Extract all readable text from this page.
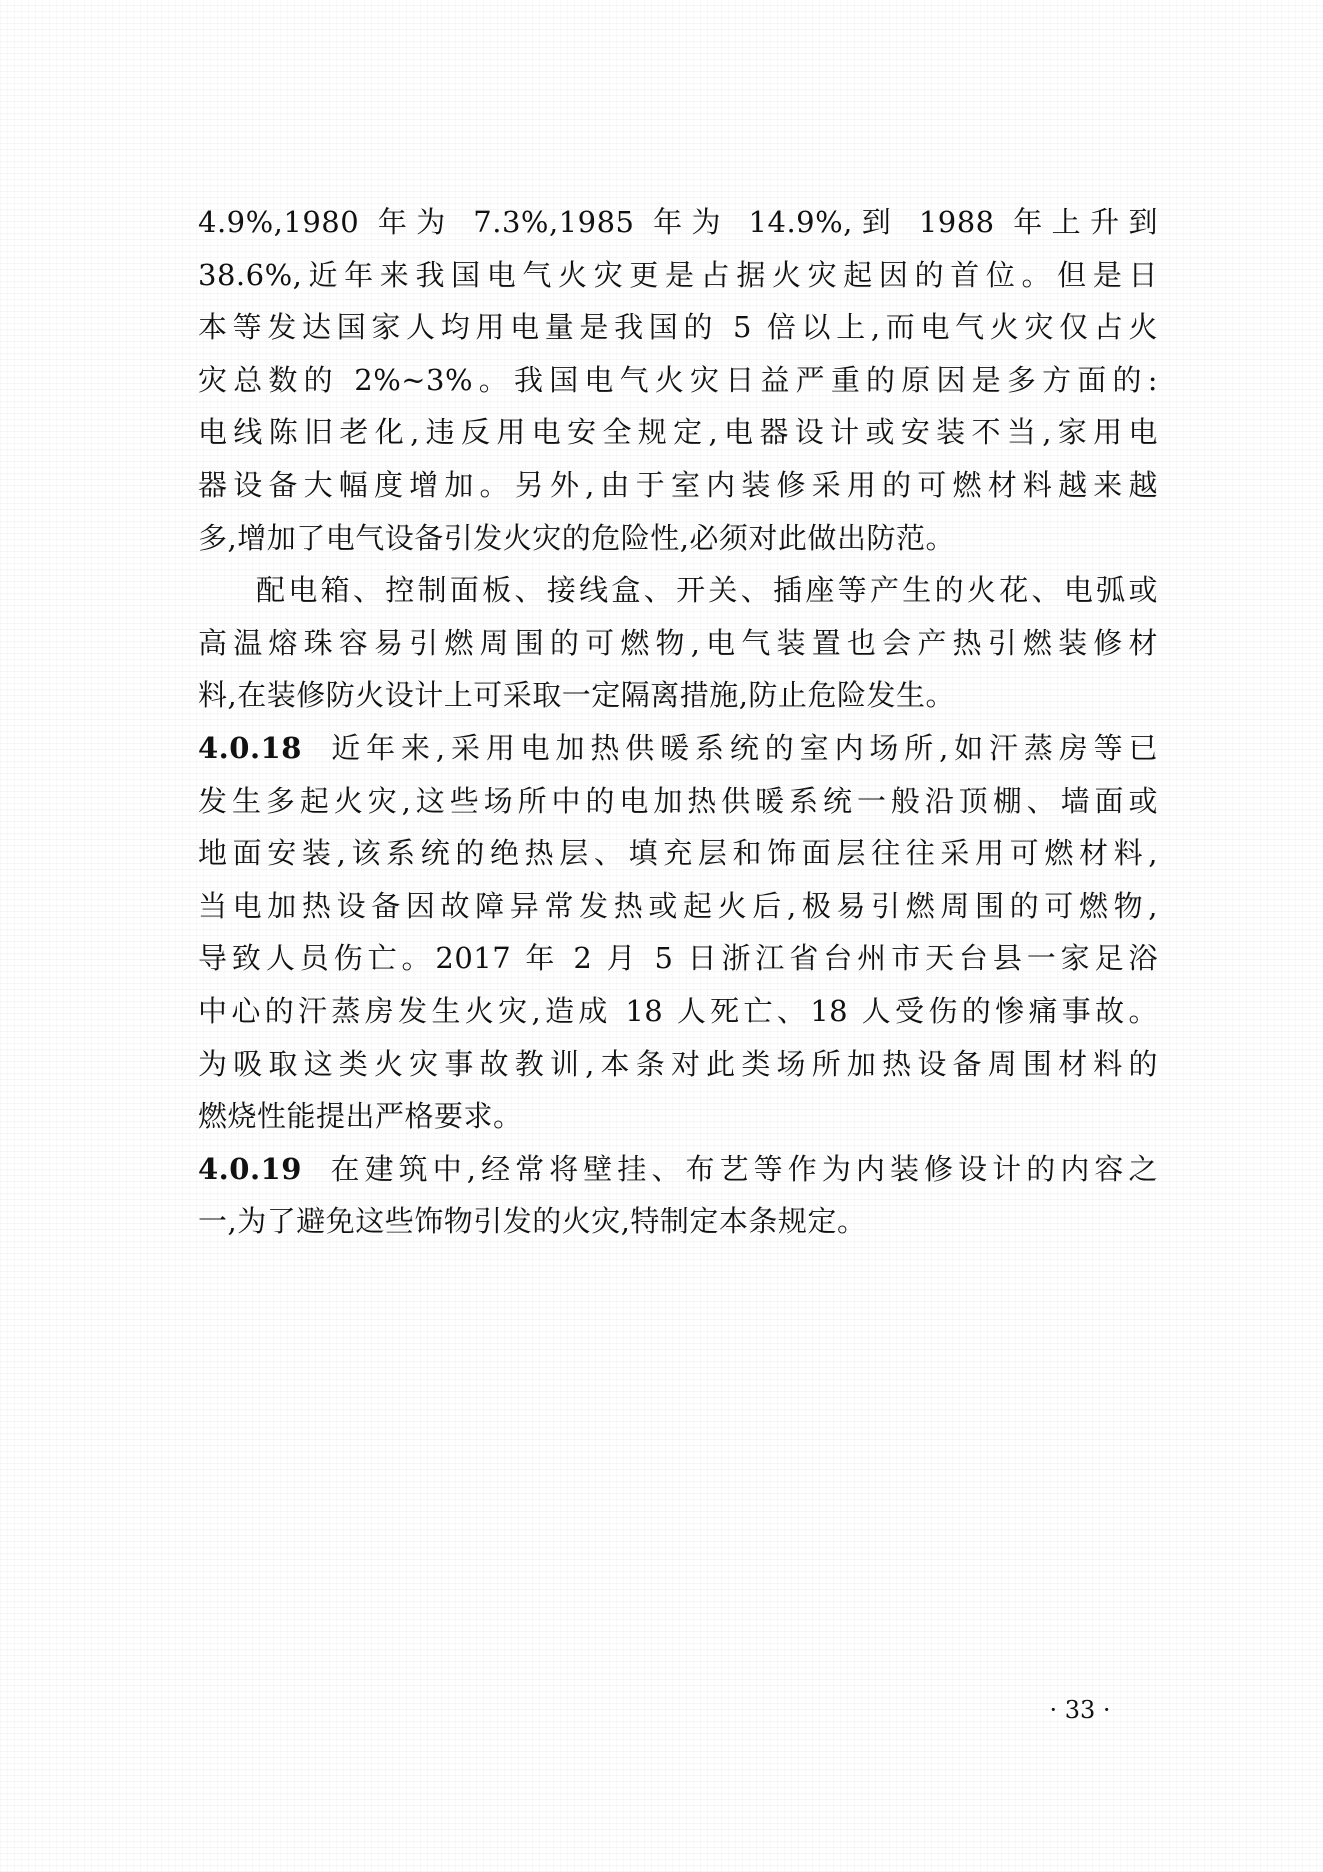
4.9%,1980 年为 7.3%,1985 年为 14.9%,到 1988 年上升到
38.6%,近年来我国电气火灾更是占据火灾起因的首位。但是日
本等发达国家人均用电量是我国的 5 倍以上,而电气火灾仅占火
灾总数的 2%~3%。我国电气火灾日益严重的原因是多方面的:
电线陈旧老化,违反用电安全规定,电器设计或安装不当,家用电
器设备大幅度增加。另外,由于室内装修采用的可燃材料越来越
多,增加了电气设备引发火灾的危险性,必须对此做出防范。
配电箱、控制面板、接线盒、开关、插座等产生的火花、电弧或
高温熔珠容易引燃周围的可燃物,电气装置也会产热引燃装修材
料,在装修防火设计上可采取一定隔离措施,防止危险发生。
4.0.18 近年来,采用电加热供暖系统的室内场所,如汗蒸房等已
发生多起火灾,这些场所中的电加热供暖系统一般沿顶棚、墙面或
地面安装,该系统的绝热层、填充层和饰面层往往采用可燃材料,
当电加热设备因故障异常发热或起火后,极易引燃周围的可燃物,
导致人员伤亡。2017 年 2 月 5 日浙江省台州市天台县一家足浴
中心的汗蒸房发生火灾,造成 18 人死亡、18 人受伤的惨痛事故。
为吸取这类火灾事故教训,本条对此类场所加热设备周围材料的
燃烧性能提出严格要求。
4.0.19 在建筑中,经常将壁挂、布艺等作为内装修设计的内容之
一,为了避免这些饰物引发的火灾,特制定本条规定。
· 33 ·
